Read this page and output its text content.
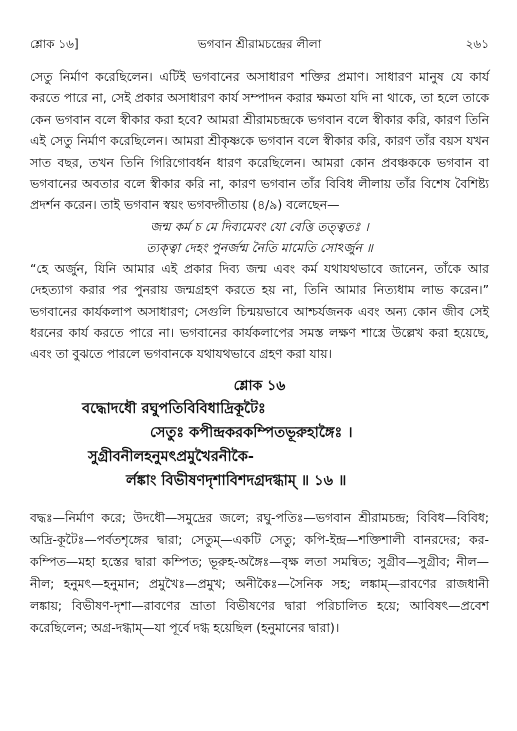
শ্লোক ১৬]	ভগবান শ্রীরামচন্দ্রের লীলা	২৬১

সেতু নির্মাণ করেছিলেন। এটিই ভগবানের অসাধারণ শক্তির প্রমাণ। সাধারণ মানুষ যে কার্য করতে পারে না, সেই প্রকার অসাধারণ কার্য সম্পাদন করার ক্ষমতা যদি না থাকে, তা হলে তাকে কেন ভগবান বলে স্বীকার করা হবে? আমরা শ্রীরামচন্দ্রকে ভগবান বলে স্বীকার করি, কারণ তিনি এই সেতু নির্মাণ করেছিলেন। আমরা শ্রীকৃষ্ণকে ভগবান বলে স্বীকার করি, কারণ তাঁর বয়স যখন সাত বছর, তখন তিনি গিরিগোবর্ধন ধারণ করেছিলেন। আমরা কোন প্রবঞ্চককে ভগবান বা ভগবানের অবতার বলে স্বীকার করি না, কারণ ভগবান তাঁর বিবিধ লীলায় তাঁর বিশেষ বৈশিষ্ট্য প্রদর্শন করেন। তাই ভগবান স্বয়ং ভগবদ্গীতায় (৪/৯) বলেছেন—

জন্ম কর্ম চ মে দিব্যমেবং যো বেত্তি তত্ত্বতঃ ।

ত্যক্ত্বা দেহং পুনর্জন্ম নৈতি মামেতি সোঽর্জুন ॥

“হে অর্জুন, যিনি আমার এই প্রকার দিব্য জন্ম এবং কর্ম যথাযথভাবে জানেন, তাঁকে আর দেহত্যাগ করার পর পুনরায় জন্মগ্রহণ করতে হয় না, তিনি আমার নিত্যধাম লাভ করেন।” ভগবানের কার্যকলাপ অসাধারণ; সেগুলি চিন্ময়ভাবে আশ্চর্যজনক এবং অন্য কোন জীব সেই ধরনের কার্য করতে পারে না। ভগবানের কার্যকলাপের সমস্ত লক্ষণ শাস্ত্রে উল্লেখ করা হয়েছে, এবং তা বুঝতে পারলে ভগবানকে যথাযথভাবে গ্রহণ করা যায়।

শ্লোক ১৬

বদ্ধোদধৌ রঘুপতিবিবিধাদ্রিকূটৈঃ

সেতুঃ কপীন্দ্রকরকম্পিতভূরুহাঙ্গৈঃ ।

সুগ্রীবনীলহনুমৎপ্রমুখৈরনীকৈ-

র্লঙ্কাং বিভীষণদৃশাবিশদগ্রদগ্ধাম্ ॥ ১৬ ॥

বদ্ধঃ—নির্মাণ করে; উদধৌ—সমুদ্রের জলে; রঘু-পতিঃ—ভগবান শ্রীরামচন্দ্র; বিবিধ—বিবিধ; অদ্রি-কূটৈঃ—পর্বতশৃঙ্গের দ্বারা; সেতুম্—একটি সেতু; কপি-ইন্দ্র—শক্তিশালী বানরদের; কর-কম্পিত—মহা হস্তের দ্বারা কম্পিত; ভূরুহ-অঙ্গৈঃ—বৃক্ষ লতা সমন্বিত; সুগ্রীব—সুগ্রীব; নীল—নীল; হনুমৎ—হনুমান; প্রমুখৈঃ—প্রমুখ; অনীকৈঃ—সৈনিক সহ; লঙ্কাম্—রাবণের রাজধানী লঙ্কায়; বিভীষণ-দৃশা—রাবণের ভ্রাতা বিভীষণের দ্বারা পরিচালিত হয়ে; আবিষৎ—প্রবেশ করেছিলেন; অগ্র-দগ্ধাম্—যা পূর্বে দগ্ধ হয়েছিল (হনুমানের দ্বারা)।
